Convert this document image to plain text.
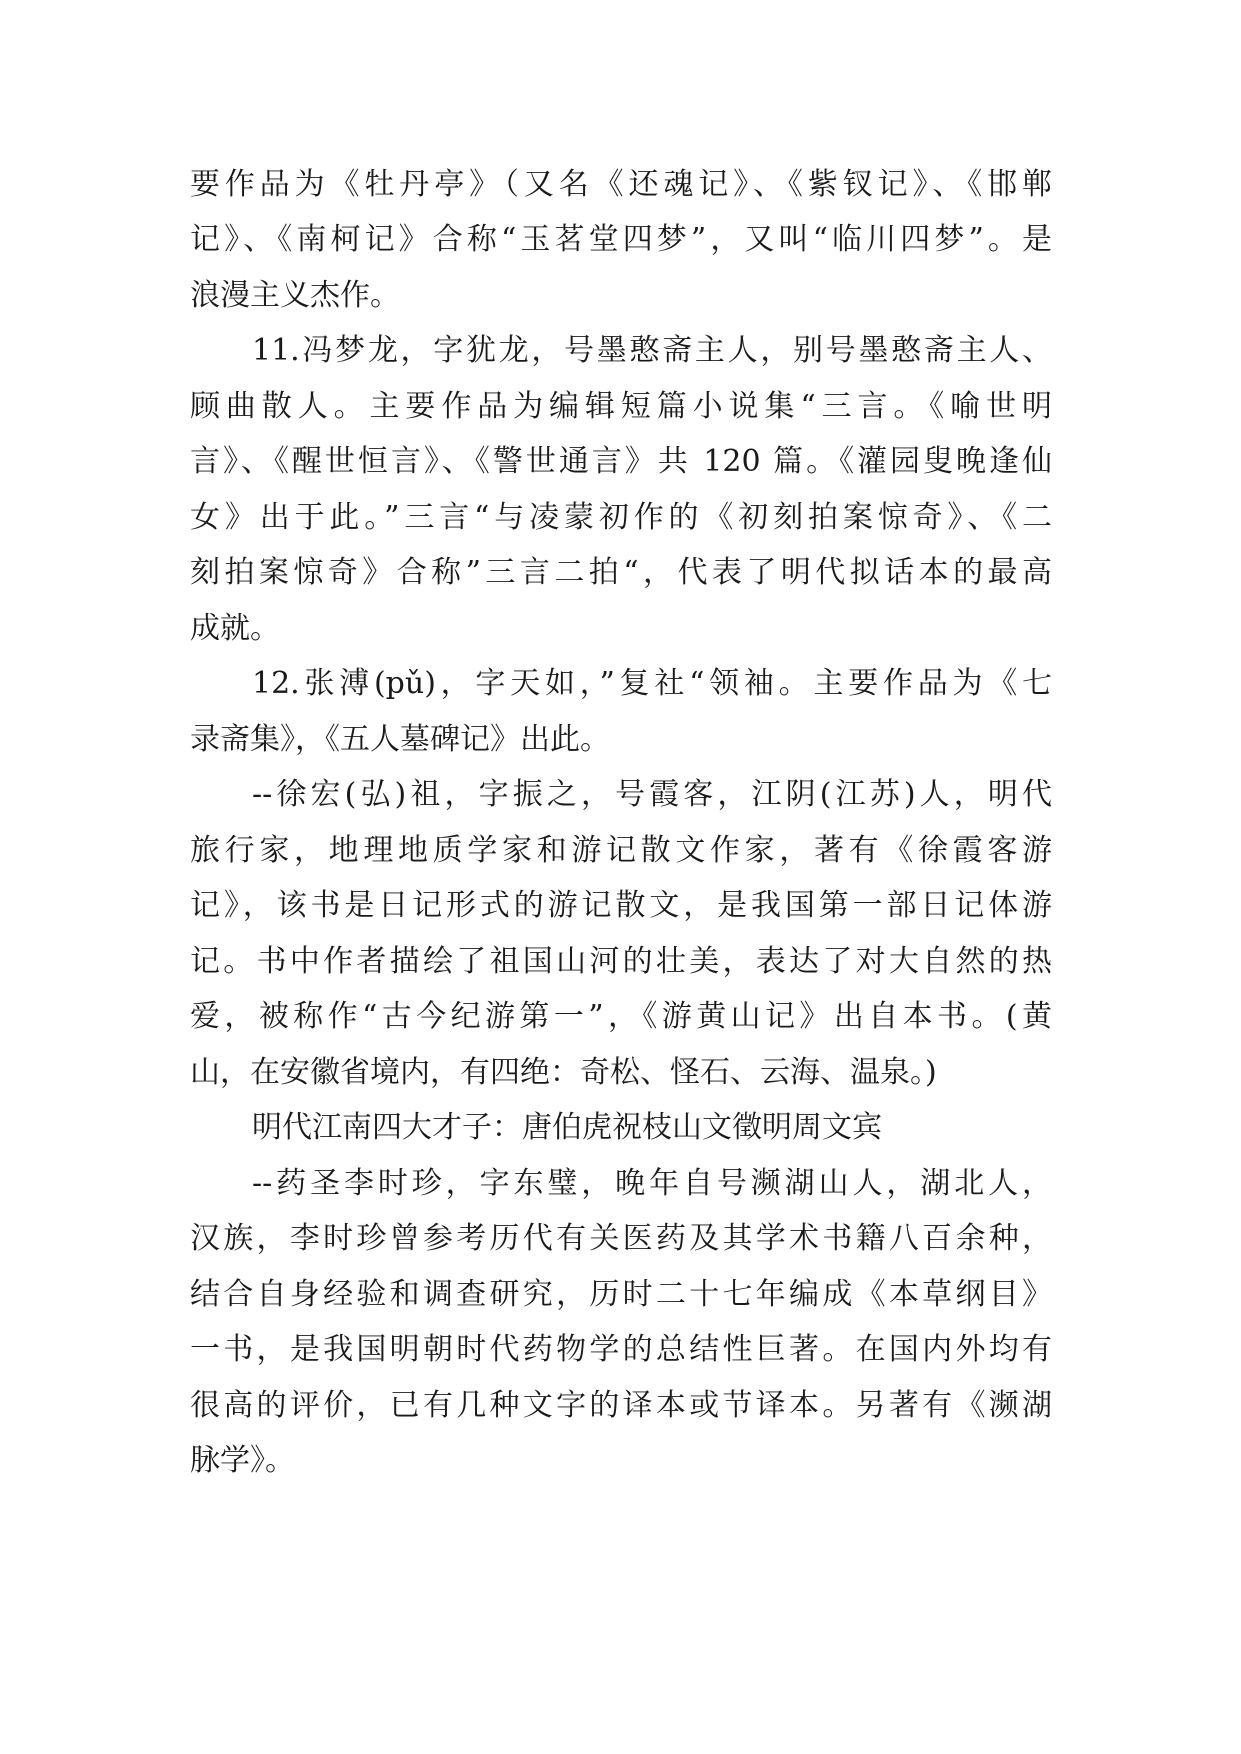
要作品为《牡丹亭》（又名《还魂记》、《紫钗记》、《邯郸
记》、《南柯记》合称“玉茗堂四梦”，又叫“临川四梦”。是
浪漫主义杰作。
11.冯梦龙，字犹龙，号墨憨斋主人，别号墨憨斋主人、
顾曲散人。主要作品为编辑短篇小说集“三言。《喻世明
言》、《醒世恒言》、《警世通言》共 120 篇。《灌园叟晚逢仙
女》出于此。”三言“与凌蒙初作的《初刻拍案惊奇》、《二
刻拍案惊奇》合称”三言二拍“，代表了明代拟话本的最高
成就。
12.张溥(pǔ)，字天如，”复社“领袖。主要作品为《七
录斋集》，《五人墓碑记》出此。
--徐宏(弘)祖，字振之，号霞客，江阴(江苏)人，明代
旅行家，地理地质学家和游记散文作家，著有《徐霞客游
记》，该书是日记形式的游记散文，是我国第一部日记体游
记。书中作者描绘了祖国山河的壮美，表达了对大自然的热
爱，被称作“古今纪游第一”，《游黄山记》出自本书。(黄
山，在安徽省境内，有四绝：奇松、怪石、云海、温泉。)
明代江南四大才子：唐伯虎祝枝山文徵明周文宾
--药圣李时珍，字东璧，晚年自号濒湖山人，湖北人，
汉族，李时珍曾参考历代有关医药及其学术书籍八百余种，
结合自身经验和调查研究，历时二十七年编成《本草纲目》
一书，是我国明朝时代药物学的总结性巨著。在国内外均有
很高的评价，已有几种文字的译本或节译本。另著有《濒湖
脉学》。
